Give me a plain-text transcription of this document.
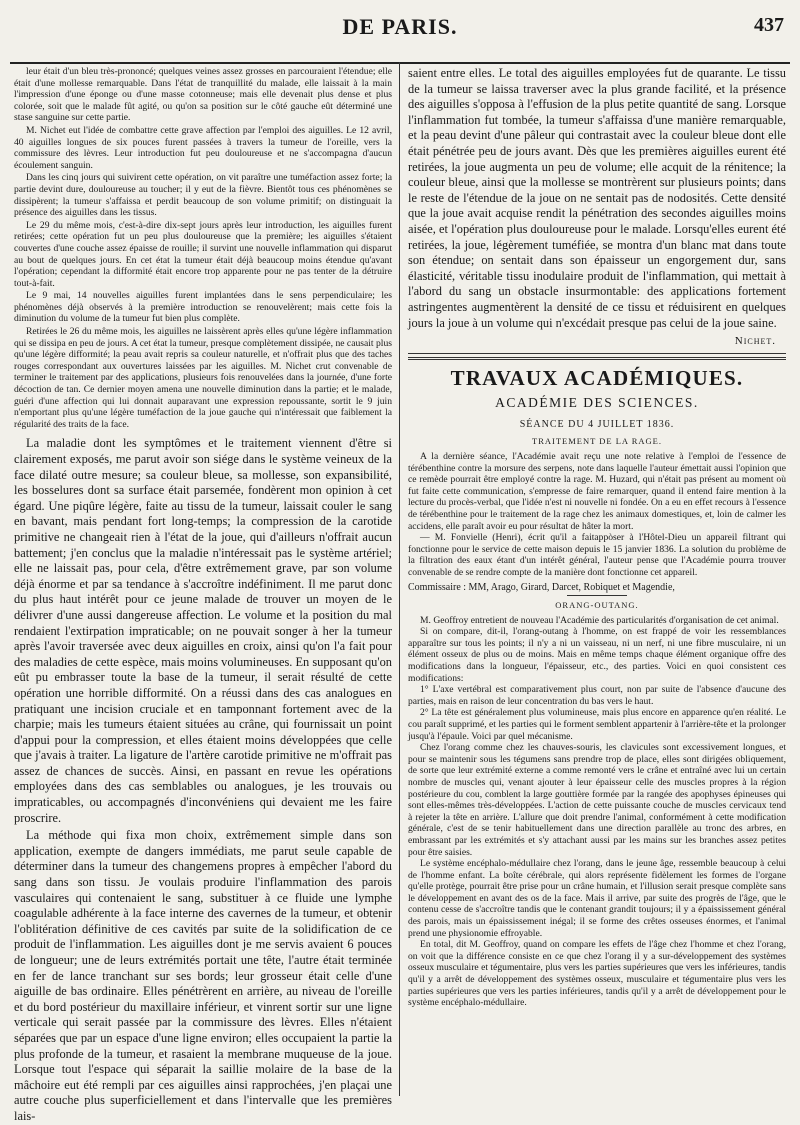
DE PARIS.	437

leur était d'un bleu très-prononcé; quelques veines assez grosses en parcouraient l'étendue; elle était d'une mollesse remarquable. Dans l'état de tranquillité du malade, elle laissait à la main l'impression d'une éponge ou d'une masse cotonneuse; mais elle devenait plus dense et plus colorée, soit que le malade fût agité, ou qu'on sa position sur le côté gauche eût déterminé une stase sanguine sur cette partie.

M. Nichet eut l'idée de combattre cette grave affection par l'emploi des aiguilles. Le 12 avril, 40 aiguilles longues de six pouces furent passées à travers la tumeur de l'oreille, vers la commissure des lèvres. Leur introduction fut peu douloureuse et ne s'accompagna d'aucun écoulement sanguin.

Dans les cinq jours qui suivirent cette opération, on vit paraître une tuméfaction assez forte; la partie devint dure, douloureuse au toucher; il y eut de la fièvre. Bientôt tous ces phénomènes se dissipèrent; la tumeur s'affaissa et perdit beaucoup de son volume primitif; on distinguait la présence des aiguilles dans les tissus.

Le 29 du même mois, c'est-à-dire dix-sept jours après leur introduction, les aiguilles furent retirées; cette opération fut un peu plus douloureuse que la première; les aiguilles s'étaient couvertes d'une couche assez épaisse de rouille; il survint une nouvelle inflammation qui disparut au bout de quelques jours. En cet état la tumeur était déjà beaucoup moins étendue qu'avant l'opération; cependant la difformité était encore trop apparente pour ne pas tenter de la détruire tout-à-fait.

Le 9 mai, 14 nouvelles aiguilles furent implantées dans le sens perpendiculaire; les phénomènes déjà observés à la première introduction se renouvelèrent; mais cette fois la diminution du volume de la tumeur fut bien plus complète.

Retirées le 26 du même mois, les aiguilles ne laissèrent après elles qu'une légère inflammation qui se dissipa en peu de jours. A cet état la tumeur, presque complètement dissipée, ne causait plus qu'une légère difformité; la peau avait repris sa couleur naturelle, et n'offrait plus que des taches rouges correspondant aux ouvertures laissées par les aiguilles. M. Nichet crut convenable de terminer le traitement par des applications, plusieurs fois renouvelées dans la journée, d'une forte décoction de tan. Ce dernier moyen amena une nouvelle diminution dans la partie; et le malade, guéri d'une affection qui lui donnait auparavant une expression repoussante, sortit le 9 juin n'emportant plus qu'une légère tuméfaction de la joue gauche qui n'intéressait que faiblement la régularité des traits de la face.

La maladie dont les symptômes et le traitement viennent d'être si clairement exposés, me parut avoir son siége dans le système veineux de la face dilaté outre mesure; sa couleur bleue, sa mollesse, son expansibilité, les bosselures dont sa surface était parsemée, fondèrent mon opinion à cet égard. Une piqûre légère, faite au tissu de la tumeur, laissait couler le sang en bavant, mais pendant fort long-temps; la compression de la carotide primitive ne changeait rien à l'état de la joue, qui d'ailleurs n'offrait aucun battement; j'en conclus que la maladie n'intéressait pas le système artériel; elle ne laissait pas, pour cela, d'être extrêmement grave, par son volume déjà énorme et par sa tendance à s'accroître indéfiniment. Il me parut donc du plus haut intérêt pour ce jeune malade de trouver un moyen de le délivrer d'une aussi dangereuse affection. Le volume et la position du mal rendaient l'extirpation impraticable; on ne pouvait songer à her la tumeur après l'avoir traversée avec deux aiguilles en croix, ainsi qu'on l'a fait pour des maladies de cette espèce, mais moins volumineuses. En supposant qu'on eût pu embrasser toute la base de la tumeur, il serait résulté de cette opération une horrible difformité. On a réussi dans des cas analogues en pratiquant une incision cruciale et en tamponnant fortement avec de la charpie; mais les tumeurs étaient situées au crâne, qui fournissait un point d'appui pour la compression, et elles étaient moins développées que celle que j'avais à traiter. La ligature de l'artère carotide primitive ne m'offrait pas assez de chances de succès. Ainsi, en passant en revue les opérations employées dans des cas semblables ou analogues, je les trouvais ou impraticables, ou accompagnés d'inconvéniens qui devaient me les faire proscrire.

La méthode qui fixa mon choix, extrêmement simple dans son application, exempte de dangers immédiats, me parut seule capable de déterminer dans la tumeur des changemens propres à empêcher l'abord du sang dans son tissu. Je voulais produire l'inflammation des parois vasculaires qui contenaient le sang, substituer à ce fluide une lymphe coagulable adhérente à la face interne des cavernes de la tumeur, et obtenir l'oblitération définitive de ces cavités par suite de la solidification de ce produit de l'inflammation. Les aiguilles dont je me servis avaient 6 pouces de longueur; une de leurs extrémités portait une tête, l'autre était terminée en fer de lance tranchant sur ses bords; leur grosseur était celle d'une aiguille de bas ordinaire. Elles pénétrèrent en arrière, au niveau de l'oreille et du bord postérieur du maxillaire inférieur, et vinrent sortir sur une ligne verticale qui serait passée par la commissure des lèvres. Elles n'étaient séparées que par un espace d'une ligne environ; elles occupaient la partie la plus profonde de la tumeur, et rasaient la membrane muqueuse de la joue. Lorsque tout l'espace qui séparait la saillie molaire de la base de la mâchoire eut été rempli par ces aiguilles ainsi rapprochées, j'en plaçai une autre couche plus superficiellement et dans l'intervalle que les premières lais-

saient entre elles. Le total des aiguilles employées fut de quarante. Le tissu de la tumeur se laissa traverser avec la plus grande facilité, et la présence des aiguilles s'opposa à l'effusion de la plus petite quantité de sang. Lorsque l'inflammation fut tombée, la tumeur s'affaissa d'une manière remarquable, et la peau devint d'une pâleur qui contrastait avec la couleur bleue dont elle était pénétrée peu de jours avant. Dès que les premières aiguilles eurent été retirées, la joue augmenta un peu de volume; elle acquit de la rénitence; la couleur bleue, ainsi que la mollesse se montrèrent sur plusieurs points; dans le reste de l'étendue de la joue on ne sentait pas de nodosités. Cette densité que la joue avait acquise rendit la pénétration des secondes aiguilles moins aisée, et l'opération plus douloureuse pour le malade. Lorsqu'elles eurent été retirées, la joue, légèrement tuméfiée, se montra d'un blanc mat dans toute son étendue; on sentait dans son épaisseur un engorgement dur, sans élasticité, véritable tissu inodulaire produit de l'inflammation, qui mettait à l'abord du sang un obstacle insurmontable: des applications fortement astringentes augmentèrent la densité de ce tissu et réduisirent en quelques jours la joue à un volume qui n'excédait presque pas celui de la joue saine.

Nichet.
TRAVAUX ACADÉMIQUES.
ACADÉMIE DES SCIENCES.
SÉANCE DU 4 JUILLET 1836.
TRAITEMENT DE LA RAGE.

A la dernière séance, l'Académie avait reçu une note relative à l'emploi de l'essence de térébenthine contre la morsure des serpens, note dans laquelle l'auteur émettait aussi l'opinion que ce remède pourrait être employé contre la rage. M. Huzard, qui n'était pas présent au moment où fut faite cette communication, s'empresse de faire remarquer, quand il entend faire mention à la lecture du procès-verbal, que l'idée n'est ni nouvelle ni fondée. On a eu en effet recours à l'essence de térébenthine pour le traitement de la rage chez les animaux domestiques, et, loin de calmer les accidens, elle paraît avoir eu pour résultat de hâter la mort.

— M. Fonvielle (Henri), écrit qu'il a faitappòser à l'Hôtel-Dieu un appareil filtrant qui fonctionne pour le service de cette maison depuis le 15 janvier 1836. La solution du problème de la filtration des eaux étant d'un intérêt général, l'auteur pense que l'Académie pourra trouver convenable de se rendre compte de la manière dont fonctionne cet appareil.

Commissaire : MM, Arago, Girard, Darcet, Robiquet et Magendie,
ORANG-OUTANG.

M. Geoffroy entretient de nouveau l'Académie des particularités d'organisation de cet animal.

Si on compare, dit-il, l'orang-outang à l'homme, on est frappé de voir les ressemblances apparaître sur tous les points; il n'y a ni un vaisseau, ni un nerf, ni une fibre musculaire, ni un élément osseux de plus ou de moins. Mais en même temps chaque élément organique offre des modifications dans la longueur, l'épaisseur, etc., des parties. Voici en quoi consistent ces modifications:

1° L'axe vertébral est comparativement plus court, non par suite de l'absence d'aucune des parties, mais en raison de leur concentration du bas vers le haut.

2° La tête est généralement plus volumineuse, mais plus encore en apparence qu'en réalité. Le cou paraît supprimé, et les parties qui le forment semblent appartenir à l'arrière-tête et la prolonger jusqu'à l'épaule. Voici par quel mécanisme.

Chez l'orang comme chez les chauves-souris, les clavicules sont excessivement longues, et pour se maintenir sous les tégumens sans prendre trop de place, elles sont dirigées obliquement, de sorte que leur extrémité externe a comme remonté vers le crâne et entraîné avec lui un certain nombre de muscles qui, venant ajouter à leur épaisseur celle des muscles propres à la région postérieure du cou, comblent la large gouttière formée par la rangée des apophyses épineuses qui sont elles-mêmes très-développées. L'action de cette puissante couche de muscles cervicaux tend à rejeter la tête en arrière. L'allure que doit prendre l'animal, conformément à cette modification générale, c'est de se tenir habituellement dans une direction parallèle au tronc des arbres, en embrassant par les extrémités et s'y attachant aussi par les mains sur les branches assez petites pour être saisies.

Le système encéphalo-médullaire chez l'orang, dans le jeune âge, ressemble beaucoup à celui de l'homme enfant. La boîte cérébrale, qui alors représente fidèlement les formes de l'organe qu'elle protège, pourrait être prise pour un crâne humain, et l'illusion serait presque complète sans le développement en avant des os de la face. Mais il arrive, par suite des progrès de l'âge, que le contenu cesse de s'accroître tandis que le contenant grandit toujours; il y a épaississement général des parois, mais un épaississement inégal; il se forme des crêtes osseuses énormes, et l'animal prend une physionomie effroyable.

En total, dit M. Geoffroy, quand on compare les effets de l'âge chez l'homme et chez l'orang, on voit que la différence consiste en ce que chez l'orang il y a sur-développement des systèmes osseux musculaire et tégumentaire, plus vers les parties supérieures que vers les inférieures, tandis qu'il y a arrêt de développement des systèmes osseux, musculaire et tégumentaire plus vers les parties supérieures que vers les parties inférieures, tandis qu'il y a arrêt de développement pour le système encéphalo-médullaire.
